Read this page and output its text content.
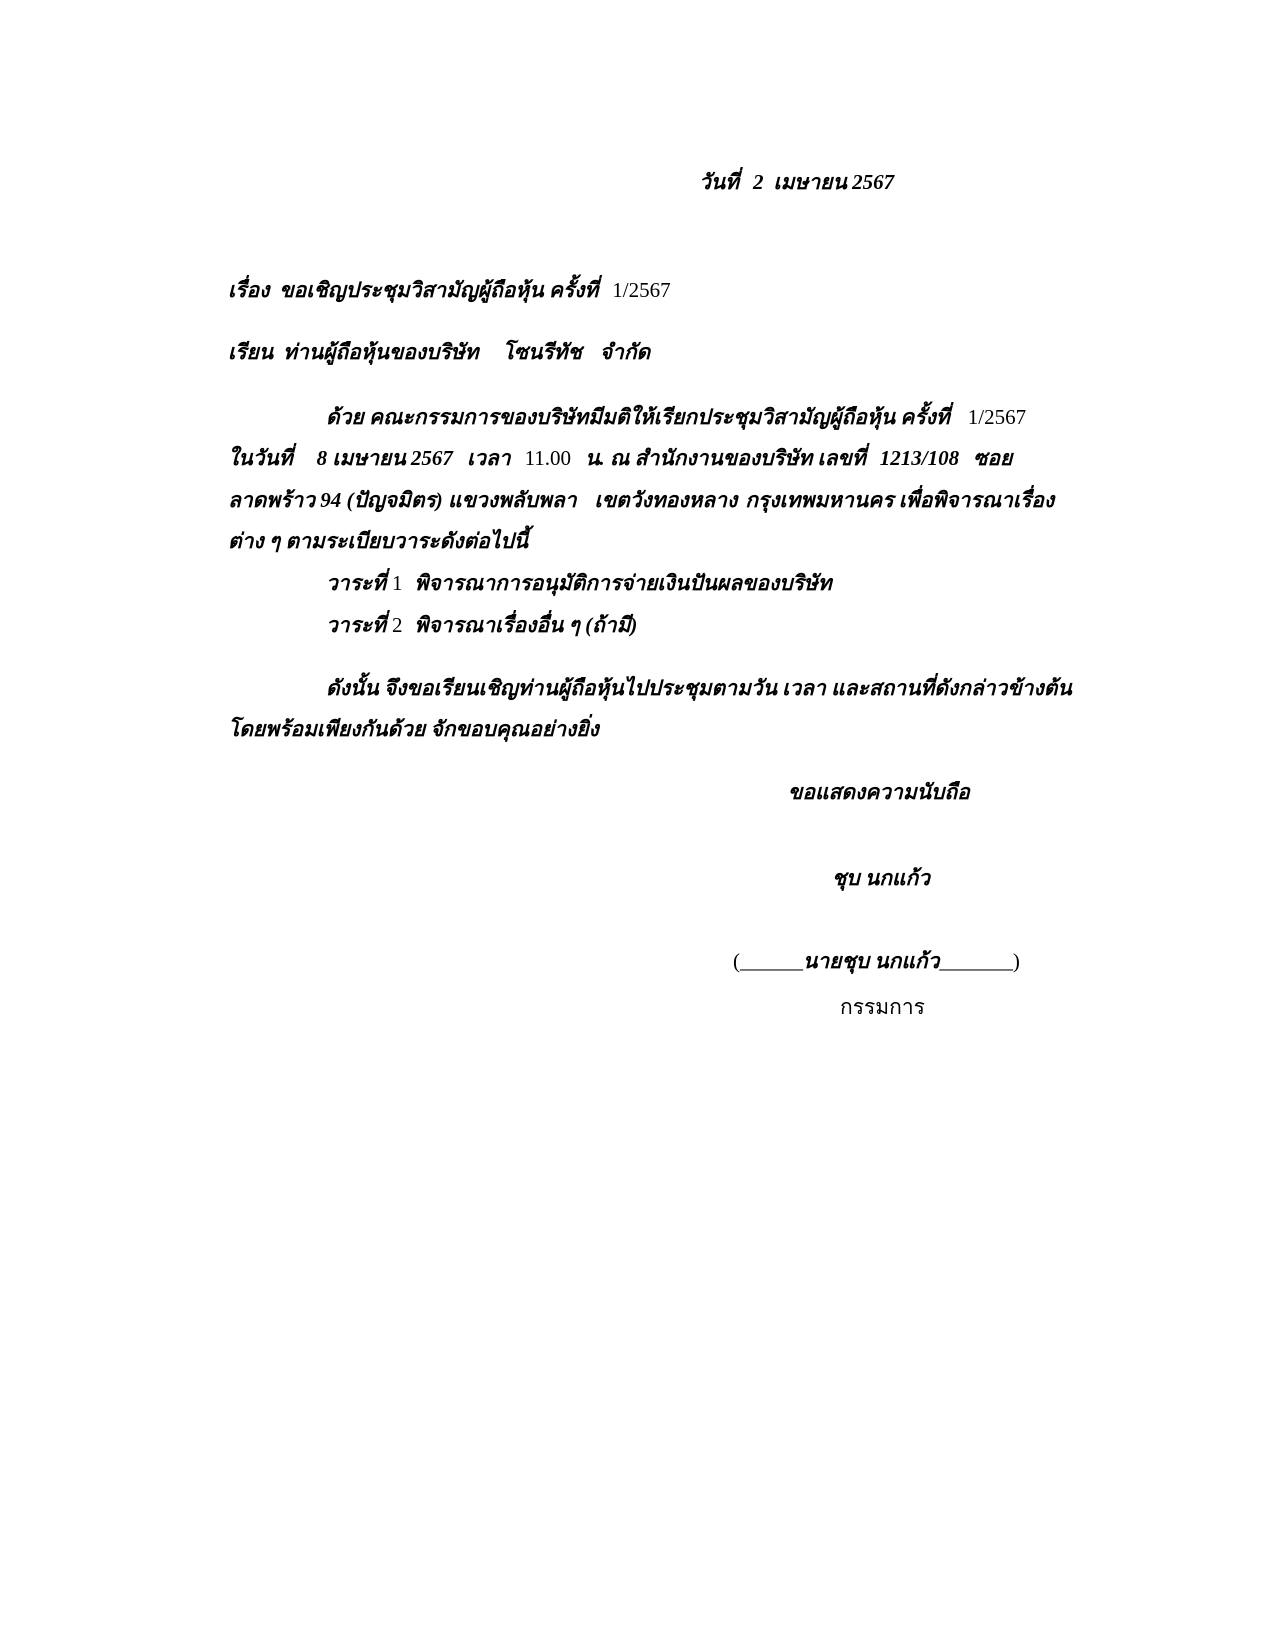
วันที่ 2 เมษายน 2567
เรื่อง ขอเชิญประชุมวิสามัญผู้ถือหุ้น ครั้งที่ 1/2567
เรียน ท่านผู้ถือหุ้นของบริษัท โซนรีทัช จำกัด
ด้วย คณะกรรมการของบริษัทมีมติให้เรียกประชุมวิสามัญผู้ถือหุ้น ครั้งที่ 1/2567
ในวันที่ 8 เมษายน 2567 เวลา 11.00 น. ณ สำนักงานของบริษัท เลขที่ 1213/108 ซอย
ลาดพร้าว 94 (ปัญจมิตร) แขวงพลับพลา เขตวังทองหลาง กรุงเทพมหานคร เพื่อพิจารณาเรื่อง
ต่าง ๆ ตามระเบียบวาระดังต่อไปนี้
วาระที่ 1 พิจารณาการอนุมัติการจ่ายเงินปันผลของบริษัท
วาระที่ 2 พิจารณาเรื่องอื่น ๆ (ถ้ามี)
ดังนั้น จึงขอเรียนเชิญท่านผู้ถือหุ้นไปประชุมตามวัน เวลา และสถานที่ดังกล่าวข้างต้น
โดยพร้อมเพียงกันด้วย จักขอบคุณอย่างยิ่ง
ขอแสดงความนับถือ
ชุบ นกแก้ว
(______นายชุบ นกแก้ว_______)
กรรมการ
